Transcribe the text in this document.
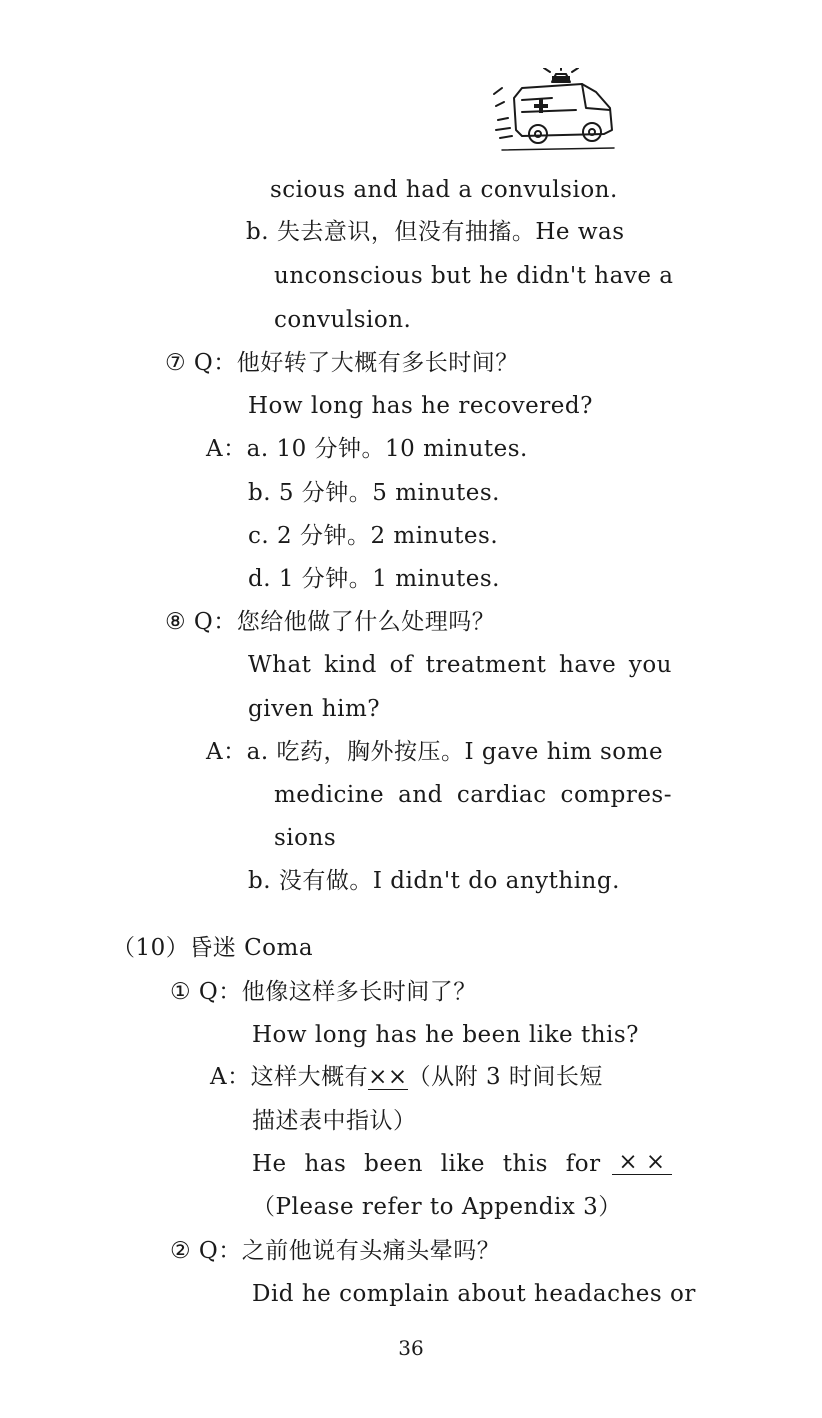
scious and had a convulsion.
b. 失去意识，但没有抽搐。He was
unconscious but he didn't have a
convulsion.
⑦ Q：他好转了大概有多长时间？
How long has he recovered?
A：a. 10 分钟。10 minutes.
b. 5 分钟。5 minutes.
c. 2 分钟。2 minutes.
d. 1 分钟。1 minutes.
⑧ Q：您给他做了什么处理吗？
What kind of treatment have you
given him?
A：a. 吃药，胸外按压。I gave him some
medicine and cardiac compres-
sions
b. 没有做。I didn't do anything.
（10）昏迷 Coma
① Q：他像这样多长时间了？
How long has he been like this?
A：这样大概有××（从附 3 时间长短
描述表中指认）
He has been like this for × ×
（Please refer to Appendix 3）
② Q：之前他说有头痛头晕吗？
Did he complain about headaches or
36
